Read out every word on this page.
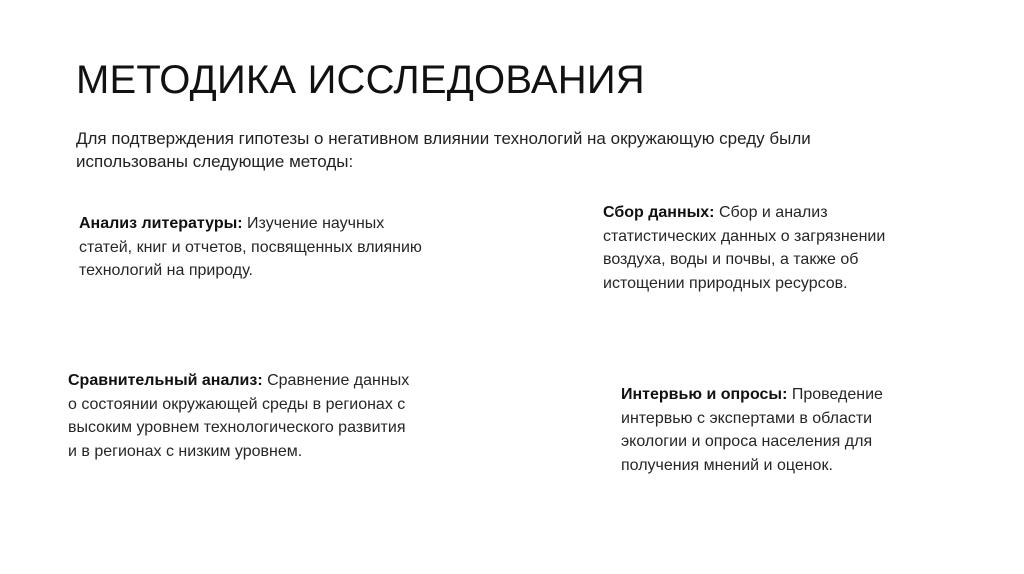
МЕТОДИКА ИССЛЕДОВАНИЯ
Для подтверждения гипотезы о негативном влиянии технологий на окружающую среду были использованы следующие методы:
Анализ литературы: Изучение научных статей, книг и отчетов, посвященных влиянию технологий на природу.
Сбор данных: Сбор и анализ статистических данных о загрязнении воздуха, воды и почвы, а также об истощении природных ресурсов.
Сравнительный анализ: Сравнение данных о состоянии окружающей среды в регионах с высоким уровнем технологического развития и в регионах с низким уровнем.
Интервью и опросы: Проведение интервью с экспертами в области экологии и опроса населения для получения мнений и оценок.
